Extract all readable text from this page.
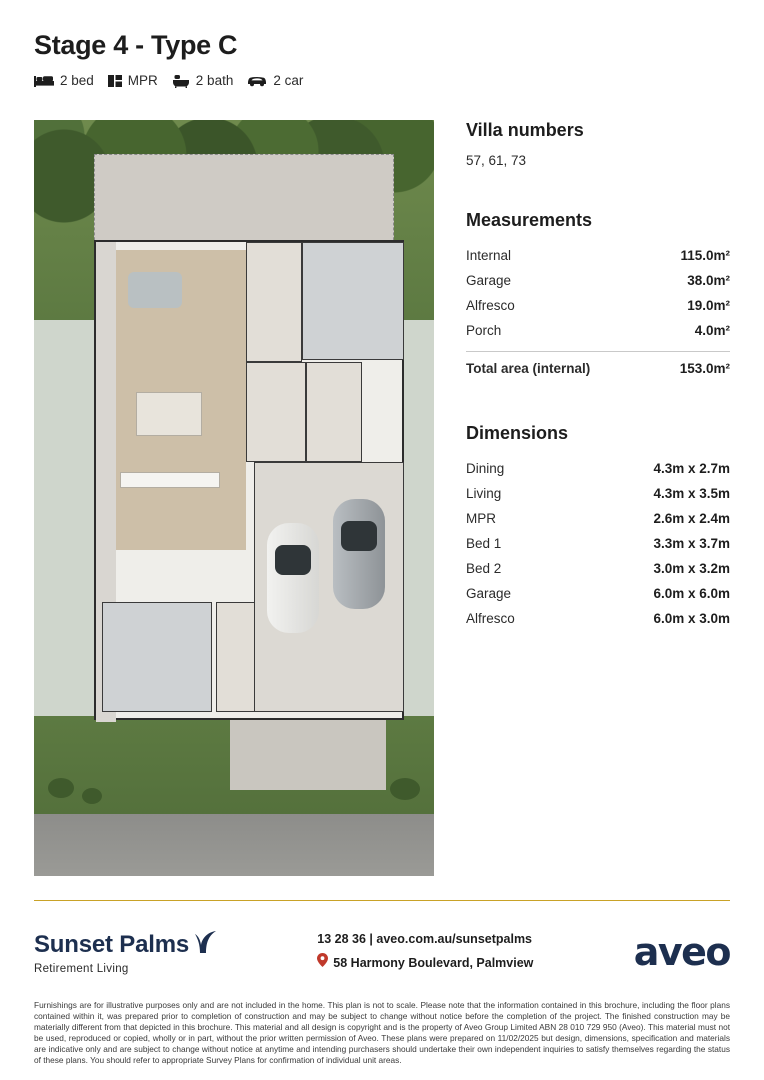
Stage 4 - Type C
2 bed	MPR	2 bath	2 car
Villa numbers
57, 61, 73
Measurements
Internal	115.0m²
Garage	38.0m²
Alfresco	19.0m²
Porch	4.0m²
Total area (internal)	153.0m²
Dimensions
Dining	4.3m x 2.7m
Living	4.3m x 3.5m
MPR	2.6m x 2.4m
Bed 1	3.3m x 3.7m
Bed 2	3.0m x 3.2m
Garage	6.0m x 6.0m
Alfresco	6.0m x 3.0m
Sunset Palms
Retirement Living
13 28 36 | aveo.com.au/sunsetpalms
58 Harmony Boulevard, Palmview	aveo
Furnishings are for illustrative purposes only and are not included in the home. This plan is not to scale. Please note that the information contained in this brochure, including the floor plans contained within it, was prepared prior to completion of construction and may be subject to change without notice before the completion of the project. The finished construction may be materially different from that depicted in this brochure. This material and all design is copyright and is the property of Aveo Group Limited ABN 28 010 729 950 (Aveo). This material must not be used, reproduced or copied, wholly or in part, without the prior written permission of Aveo. These plans were prepared on 11/02/2025 but design, dimensions, specification and materials are indicative only and are subject to change without notice at anytime and intending purchasers should undertake their own independent inquiries to satisfy themselves regarding the status of these plans. You should refer to appropriate Survey Plans for confirmation of individual unit areas.
